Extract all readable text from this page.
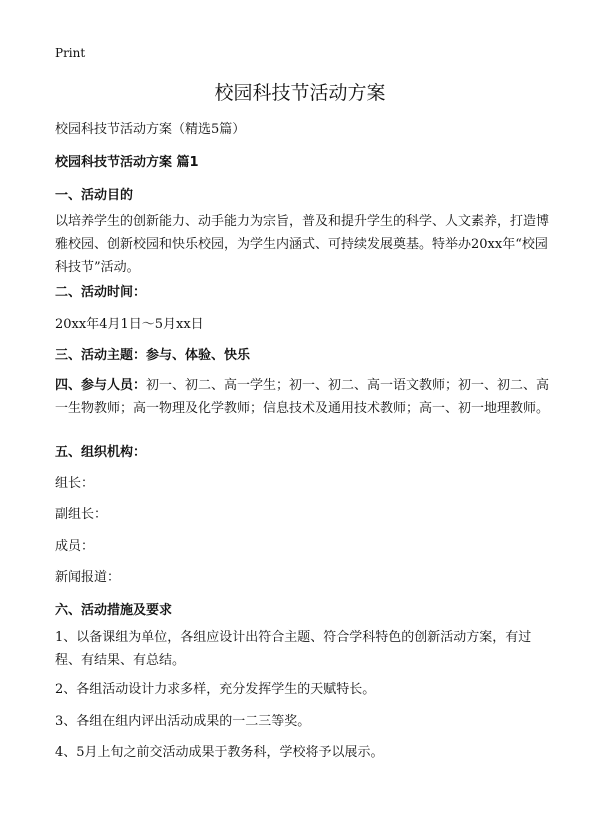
Print
校园科技节活动方案

校园科技节活动方案（精选5篇）

校园科技节活动方案 篇1

一、活动目的

以培养学生的创新能力、动手能力为宗旨，普及和提升学生的科学、人文素养，打造博雅校园、创新校园和快乐校园，为学生内涵式、可持续发展奠基。特举办20xx年“校园科技节”活动。

二、活动时间：

20xx年4月1日～5月xx日

三、活动主题：参与、体验、快乐

四、参与人员：初一、初二、高一学生；初一、初二、高一语文教师；初一、初二、高一生物教师；高一物理及化学教师；信息技术及通用技术教师；高一、初一地理教师。

五、组织机构：

组长：

副组长：

成员：

新闻报道：

六、活动措施及要求

1、以备课组为单位，各组应设计出符合主题、符合学科特色的创新活动方案，有过程、有结果、有总结。

2、各组活动设计力求多样，充分发挥学生的天赋特长。

3、各组在组内评出活动成果的一二三等奖。

4、5月上旬之前交活动成果于教务科，学校将予以展示。
